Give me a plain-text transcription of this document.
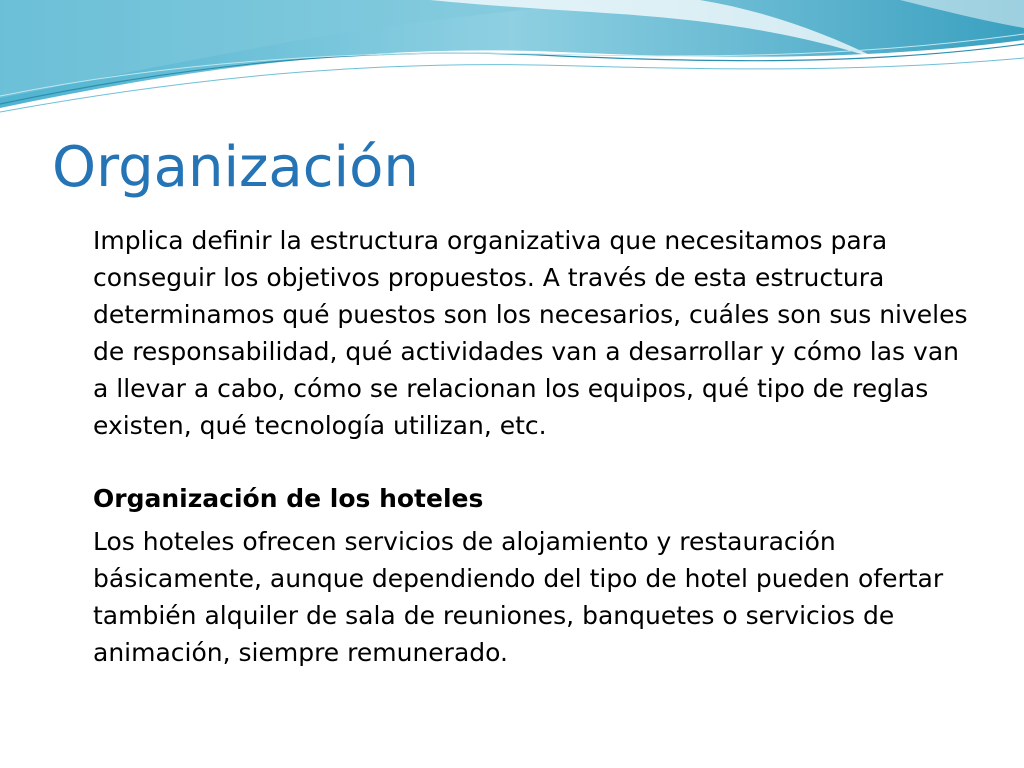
Organización

Implica definir la estructura organizativa que necesitamos para conseguir los objetivos propuestos. A través de esta estructura determinamos qué puestos son los necesarios, cuáles son sus niveles de responsabilidad, qué actividades van a desarrollar y cómo las van a llevar a cabo, cómo se relacionan los equipos, qué tipo de reglas existen, qué tecnología utilizan, etc.

Organización de los hoteles

Los hoteles ofrecen servicios de alojamiento y restauración básicamente, aunque dependiendo del tipo de hotel pueden ofertar también alquiler de sala de reuniones, banquetes o servicios de animación, siempre remunerado.
